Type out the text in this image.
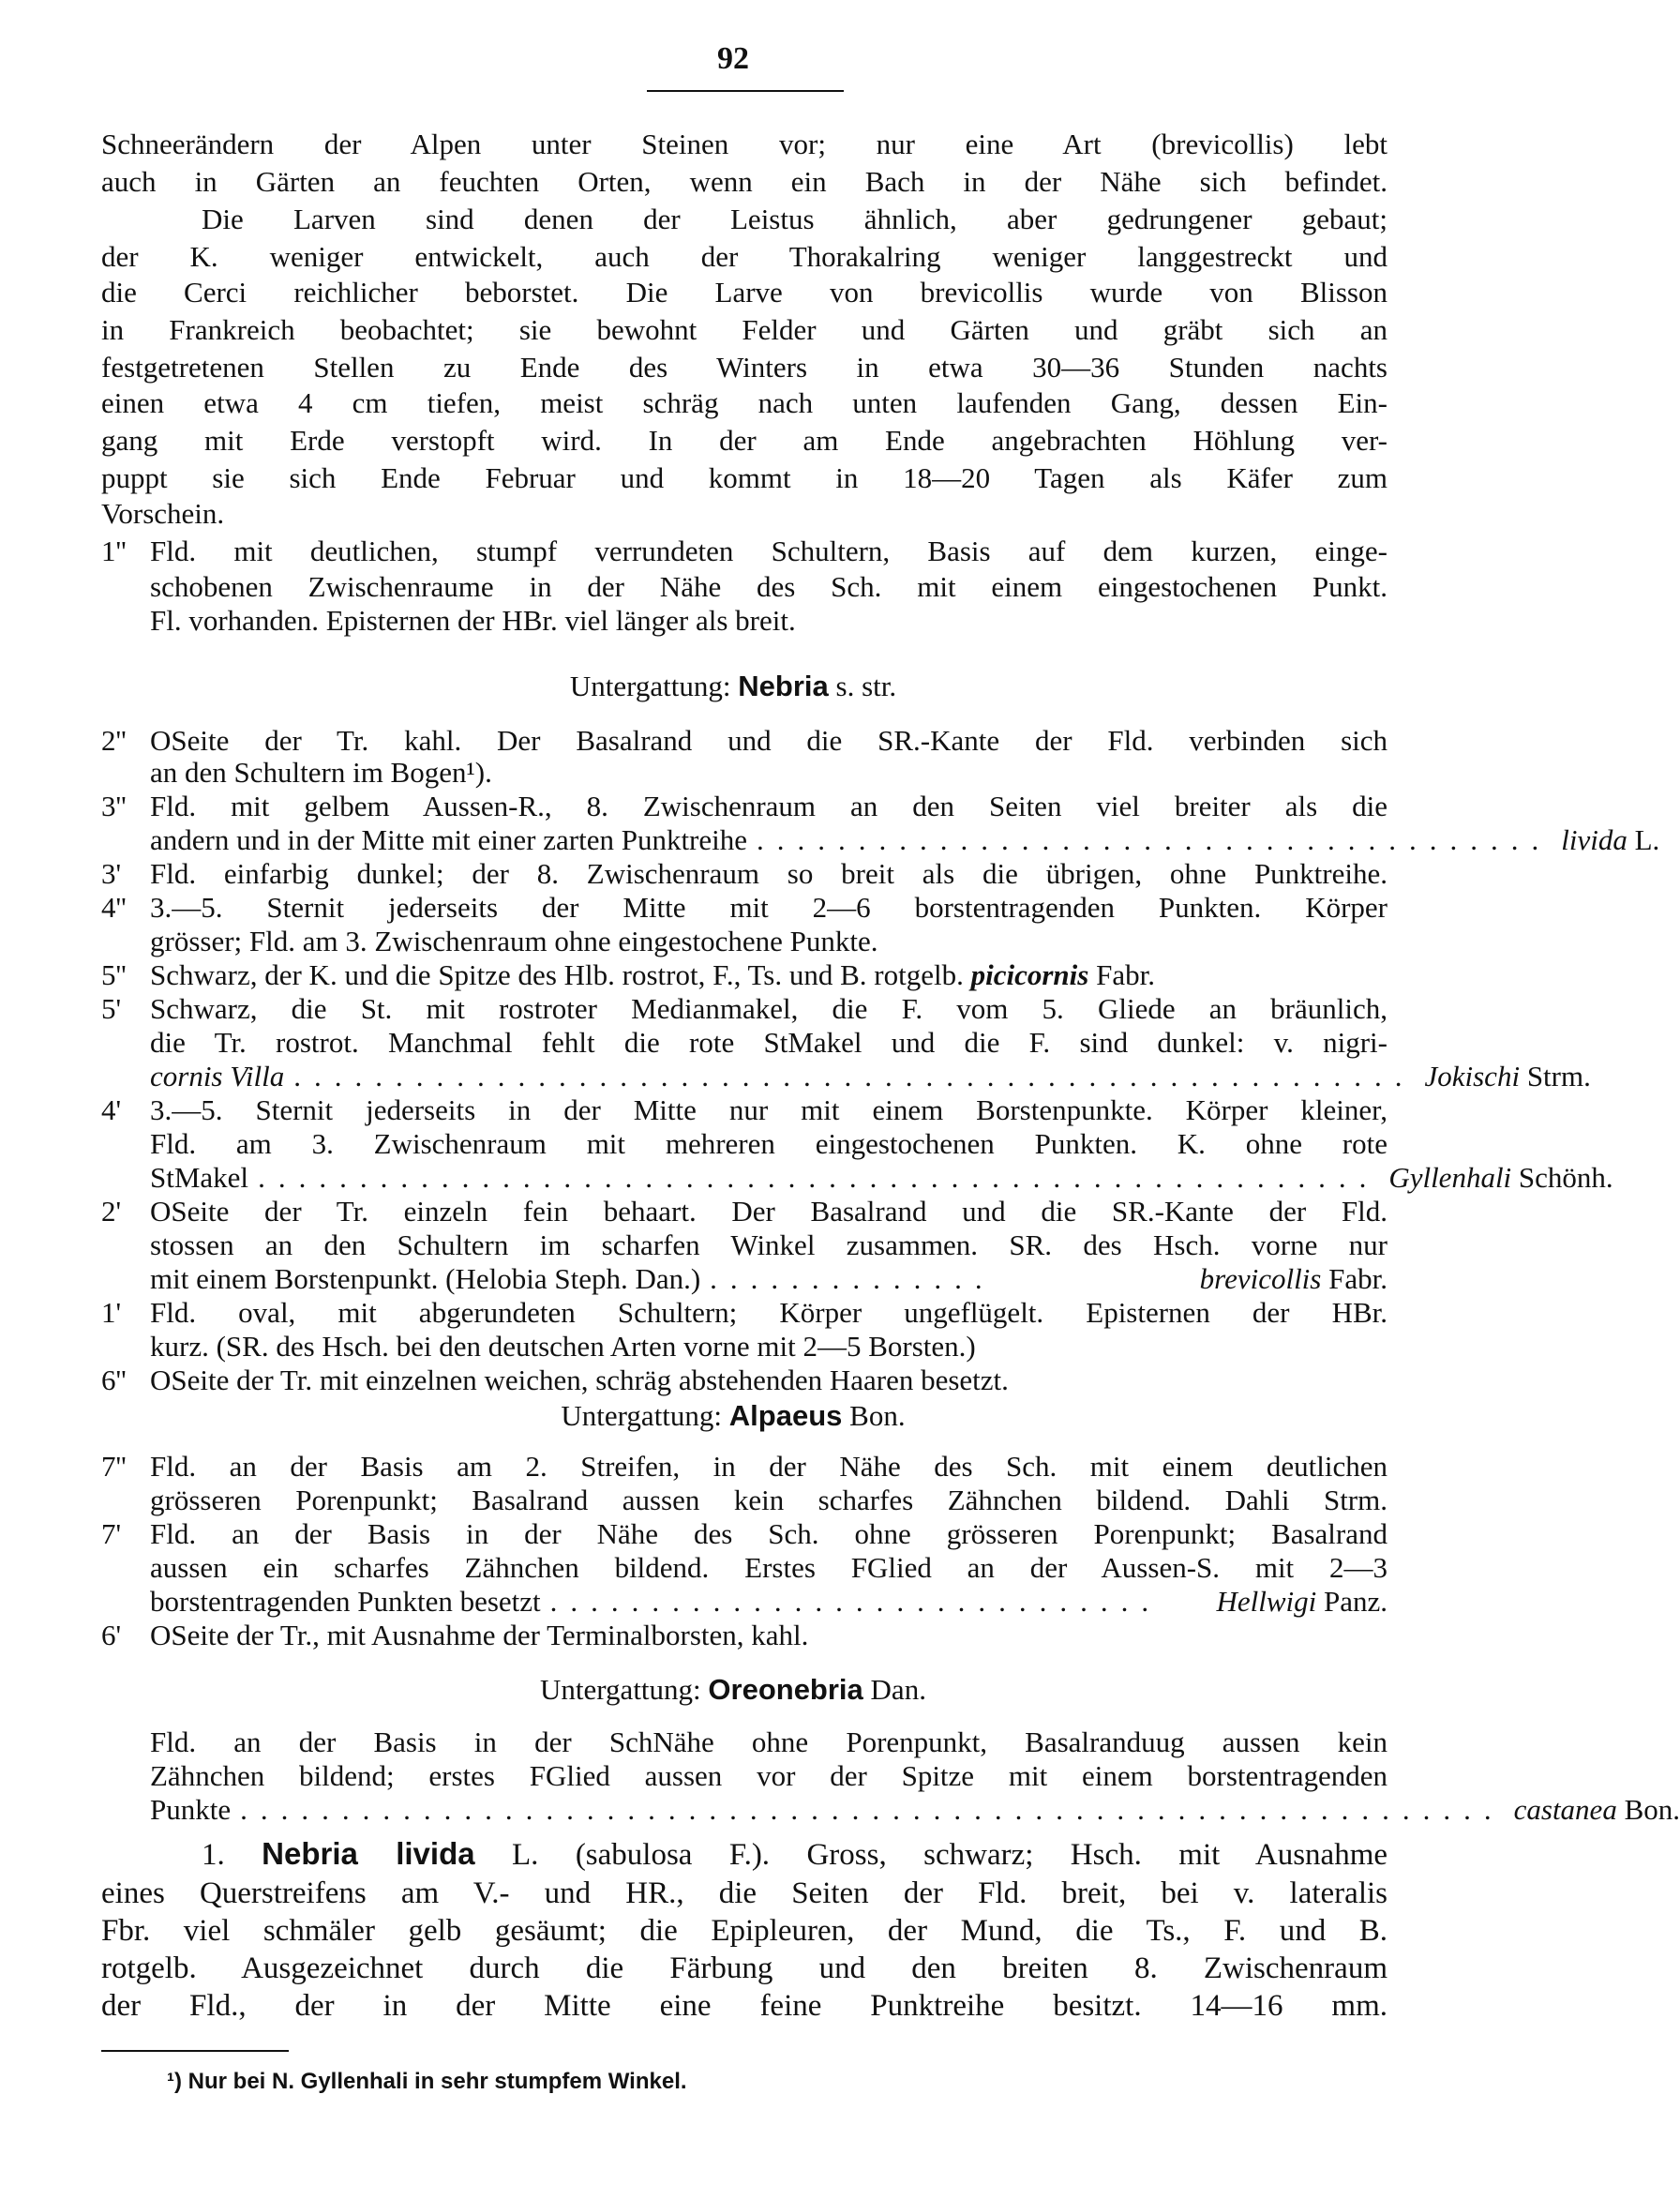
92
Schneerändern der Alpen unter Steinen vor; nur eine Art (brevicollis) lebt
auch in Gärten an feuchten Orten, wenn ein Bach in der Nähe sich befindet.
Die Larven sind denen der Leistus ähnlich, aber gedrungener gebaut;
der K. weniger entwickelt, auch der Thorakalring weniger langgestreckt und
die Cerci reichlicher beborstet. Die Larve von brevicollis wurde von Blisson
in Frankreich beobachtet; sie bewohnt Felder und Gärten und gräbt sich an
festgetretenen Stellen zu Ende des Winters in etwa 30—36 Stunden nachts
einen etwa 4 cm tiefen, meist schräg nach unten laufenden Gang, dessen Ein-
gang mit Erde verstopft wird. In der am Ende angebrachten Höhlung ver-
puppt sie sich Ende Februar und kommt in 18—20 Tagen als Käfer zum
Vorschein.
1'' Fld. mit deutlichen, stumpf verrundeten Schultern, Basis auf dem kurzen, einge-
schobenen Zwischenraume in der Nähe des Sch. mit einem eingestochenen Punkt.
Fl. vorhanden. Episternen der HBr. viel länger als breit.
Untergattung: Nebria s. str.
2'' OSeite der Tr. kahl. Der Basalrand und die SR.-Kante der Fld. verbinden sich
an den Schultern im Bogen¹).
3'' Fld. mit gelbem Aussen-R., 8. Zwischenraum an den Seiten viel breiter als die
andern und in der Mitte mit einer zarten Punktreihe ....................................... livida L.
3' Fld. einfarbig dunkel; der 8. Zwischenraum so breit als die übrigen, ohne Punktreihe.
4'' 3.—5. Sternit jederseits der Mitte mit 2—6 borstentragenden Punkten. Körper
grösser; Fld. am 3. Zwischenraum ohne eingestochene Punkte.
5'' Schwarz, der K. und die Spitze des Hlb. rostrot, F., Ts. und B. rotgelb. picicornis Fabr.
5' Schwarz, die St. mit rostroter Medianmakel, die F. vom 5. Gliede an bräunlich,
die Tr. rostrot. Manchmal fehlt die rote StMakel und die F. sind dunkel: v. nigri-
cornis Villa ....................................................... Jokischi Strm.
4' 3.—5. Sternit jederseits in der Mitte nur mit einem Borstenpunkte. Körper kleiner,
Fld. am 3. Zwischenraum mit mehreren eingestochenen Punkten. K. ohne rote
StMakel ....................................................... Gyllenhali Schönh.
2' OSeite der Tr. einzeln fein behaart. Der Basalrand und die SR.-Kante der Fld.
stossen an den Schultern im scharfen Winkel zusammen. SR. des Hsch. vorne nur
mit einem Borstenpunkt. (Helobia Steph. Dan.) ..............	brevicollis Fabr.
1' Fld. oval, mit abgerundeten Schultern; Körper ungeflügelt. Episternen der HBr.
kurz. (SR. des Hsch. bei den deutschen Arten vorne mit 2—5 Borsten.)
6'' OSeite der Tr. mit einzelnen weichen, schräg abstehenden Haaren besetzt.
Untergattung: Alpaeus Bon.
7'' Fld. an der Basis am 2. Streifen, in der Nähe des Sch. mit einem deutlichen
grösseren Porenpunkt; Basalrand aussen kein scharfes Zähnchen bildend. Dahli Strm.
7' Fld. an der Basis in der Nähe des Sch. ohne grösseren Porenpunkt; Basalrand
aussen ein scharfes Zähnchen bildend. Erstes FGlied an der Aussen-S. mit 2—3
borstentragenden Punkten besetzt ..............................	Hellwigi Panz.
6' OSeite der Tr., mit Ausnahme der Terminalborsten, kahl.
Untergattung: Oreonebria Dan.
Fld. an der Basis in der SchNähe ohne Porenpunkt, Basalranduug aussen kein
Zähnchen bildend; erstes FGlied aussen vor der Spitze mit einem borstentragenden
Punkte .............................................................. castanea Bon.
1. Nebria livida L. (sabulosa F.). Gross, schwarz; Hsch. mit Ausnahme
eines Querstreifens am V.- und HR., die Seiten der Fld. breit, bei v. lateralis
Fbr. viel schmäler gelb gesäumt; die Epipleuren, der Mund, die Ts., F. und B.
rotgelb. Ausgezeichnet durch die Färbung und den breiten 8. Zwischenraum
der Fld., der in der Mitte eine feine Punktreihe besitzt. 14—16 mm.
¹) Nur bei N. Gyllenhali in sehr stumpfem Winkel.
